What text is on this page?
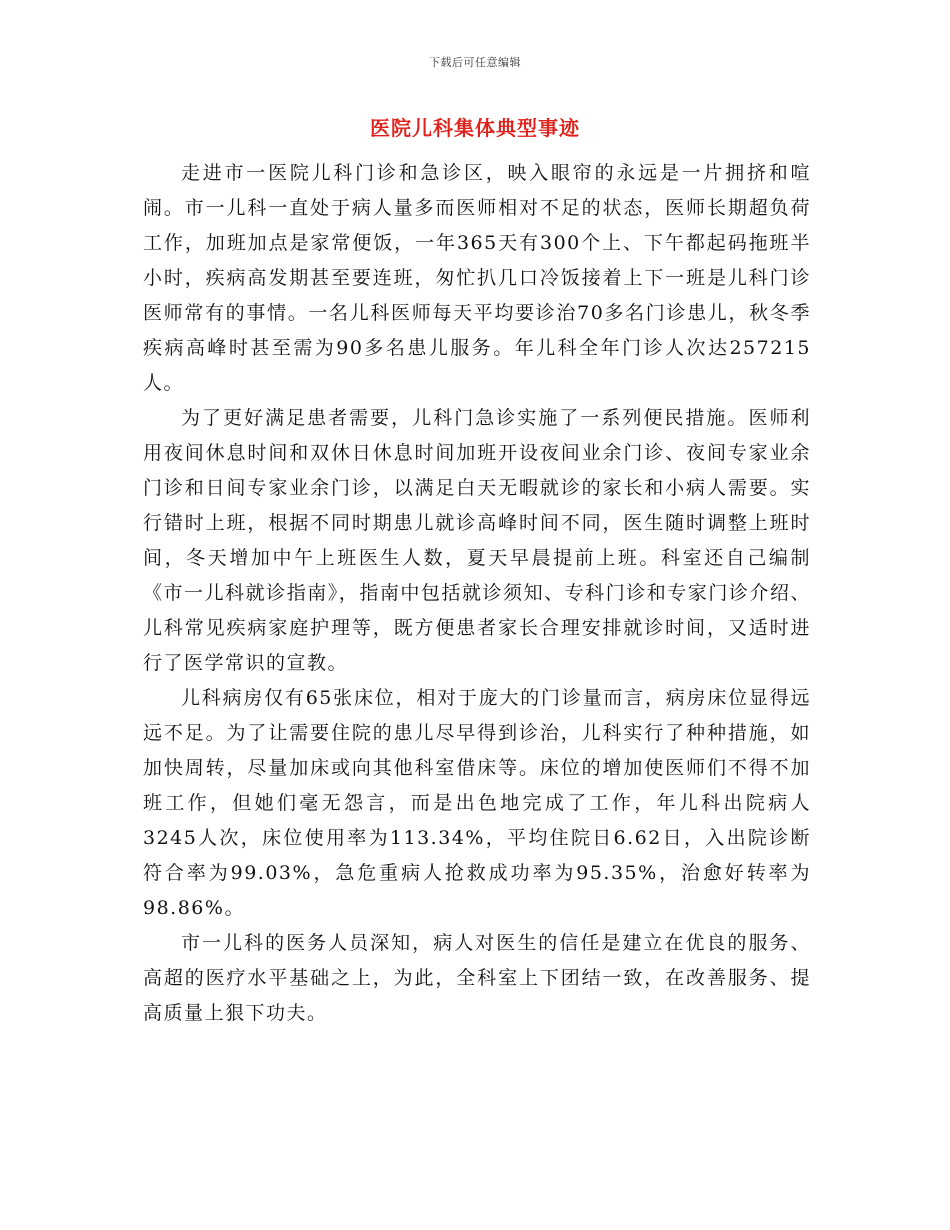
下载后可任意编辑
医院儿科集体典型事迹

走进市一医院儿科门诊和急诊区，映入眼帘的永远是一片拥挤和喧闹。市一儿科一直处于病人量多而医师相对不足的状态，医师长期超负荷工作，加班加点是家常便饭，一年365天有300个上、下午都起码拖班半小时，疾病高发期甚至要连班，匆忙扒几口冷饭接着上下一班是儿科门诊医师常有的事情。一名儿科医师每天平均要诊治70多名门诊患儿，秋冬季疾病高峰时甚至需为90多名患儿服务。年儿科全年门诊人次达257215人。

为了更好满足患者需要，儿科门急诊实施了一系列便民措施。医师利用夜间休息时间和双休日休息时间加班开设夜间业余门诊、夜间专家业余门诊和日间专家业余门诊，以满足白天无暇就诊的家长和小病人需要。实行错时上班，根据不同时期患儿就诊高峰时间不同，医生随时调整上班时间，冬天增加中午上班医生人数，夏天早晨提前上班。科室还自己编制《市一儿科就诊指南》，指南中包括就诊须知、专科门诊和专家门诊介绍、儿科常见疾病家庭护理等，既方便患者家长合理安排就诊时间，又适时进行了医学常识的宣教。

儿科病房仅有65张床位，相对于庞大的门诊量而言，病房床位显得远远不足。为了让需要住院的患儿尽早得到诊治，儿科实行了种种措施，如加快周转，尽量加床或向其他科室借床等。床位的增加使医师们不得不加班工作，但她们毫无怨言，而是出色地完成了工作，年儿科出院病人3245人次，床位使用率为113.34%，平均住院日6.62日，入出院诊断符合率为99.03%，急危重病人抢救成功率为95.35%，治愈好转率为98.86%。

市一儿科的医务人员深知，病人对医生的信任是建立在优良的服务、高超的医疗水平基础之上，为此，全科室上下团结一致，在改善服务、提高质量上狠下功夫。
